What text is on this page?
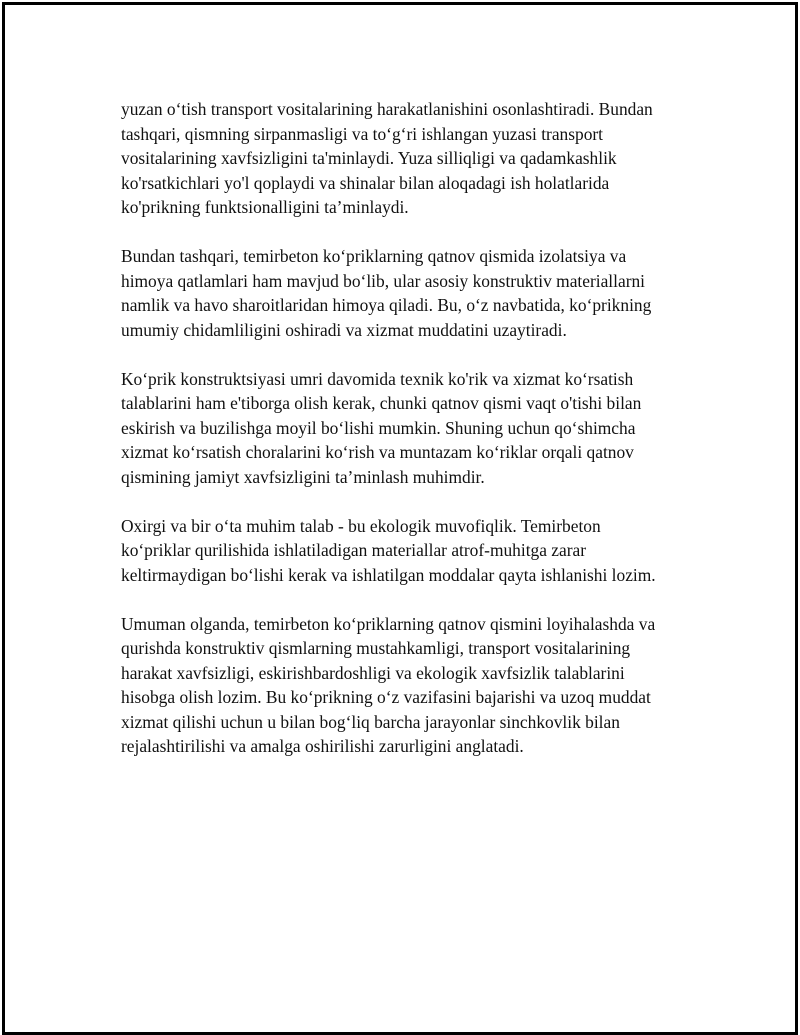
yuzan o‘tish transport vositalarining harakatlanishini osonlashtiradi. Bundan
tashqari, qismning sirpanmasligi va to‘g‘ri ishlangan yuzasi transport
vositalarining xavfsizligini ta'minlaydi. Yuza silliqligi va qadamkashlik
ko'rsatkichlari yo'l qoplaydi va shinalar bilan aloqadagi ish holatlarida
ko'prikning funktsionalligini ta’minlaydi.

Bundan tashqari, temirbeton ko‘priklarning qatnov qismida izolatsiya va
himoya qatlamlari ham mavjud bo‘lib, ular asosiy konstruktiv materiallarni
namlik va havo sharoitlaridan himoya qiladi. Bu, o‘z navbatida, ko‘prikning
umumiy chidamliligini oshiradi va xizmat muddatini uzaytiradi.

Ko‘prik konstruktsiyasi umri davomida texnik ko'rik va xizmat ko‘rsatish
talablarini ham e'tiborga olish kerak, chunki qatnov qismi vaqt o'tishi bilan
eskirish va buzilishga moyil bo‘lishi mumkin. Shuning uchun qo‘shimcha
xizmat ko‘rsatish choralarini ko‘rish va muntazam ko‘riklar orqali qatnov
qismining jamiyt xavfsizligini ta’minlash muhimdir.

Oxirgi va bir o‘ta muhim talab - bu ekologik muvofiqlik. Temirbeton
ko‘priklar qurilishida ishlatiladigan materiallar atrof-muhitga zarar
keltirmaydigan bo‘lishi kerak va ishlatilgan moddalar qayta ishlanishi lozim.

Umuman olganda, temirbeton ko‘priklarning qatnov qismini loyihalashda va
qurishda konstruktiv qismlarning mustahkamligi, transport vositalarining
harakat xavfsizligi, eskirishbardoshligi va ekologik xavfsizlik talablarini
hisobga olish lozim. Bu ko‘prikning o‘z vazifasini bajarishi va uzoq muddat
xizmat qilishi uchun u bilan bog‘liq barcha jarayonlar sinchkovlik bilan
rejalashtirilishi va amalga oshirilishi zarurligini anglatadi.
